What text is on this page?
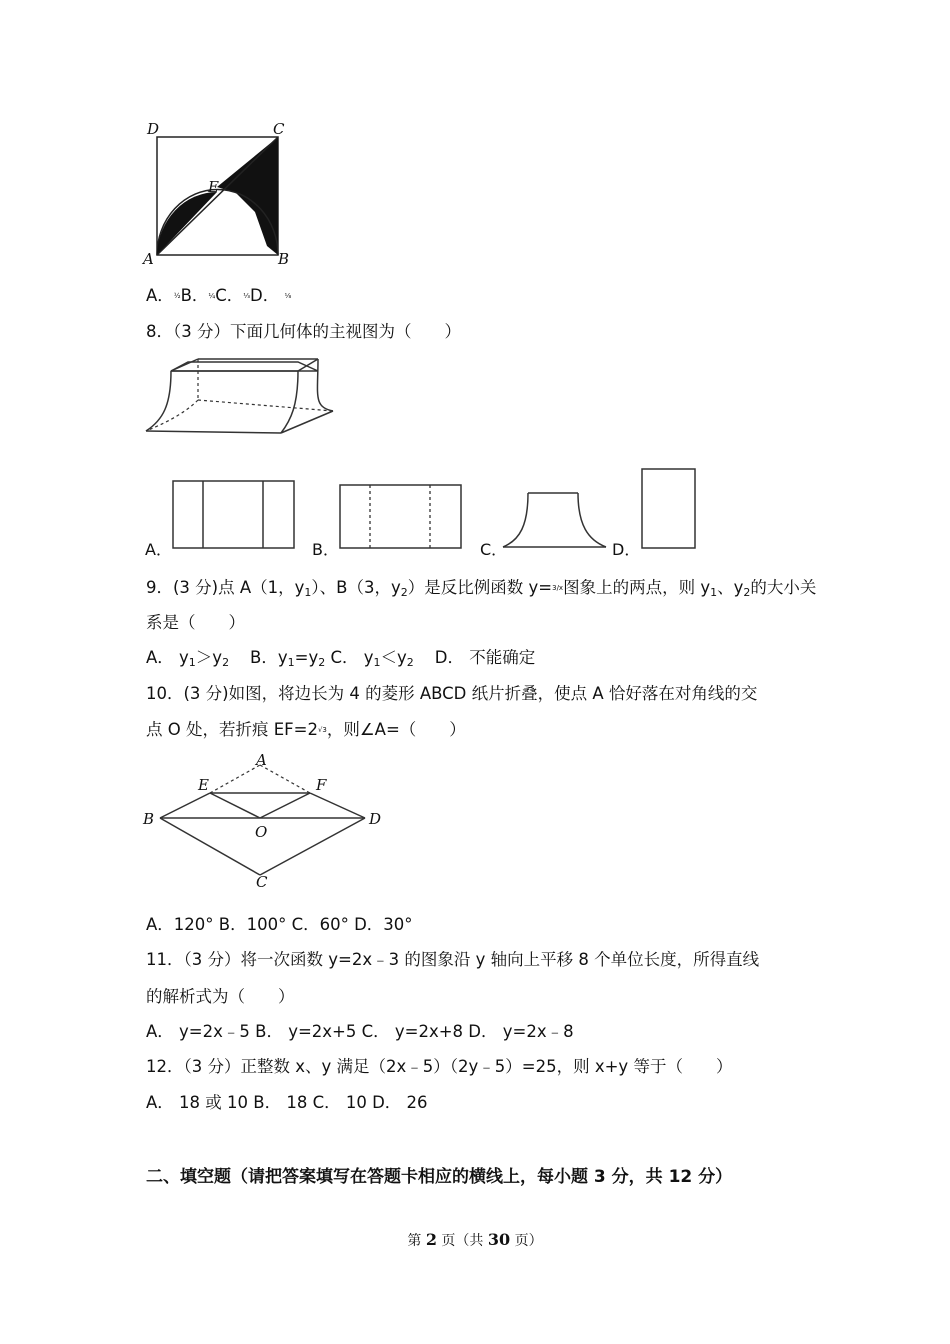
D	C
E
A	B
A．½B．¼C．⅓D． ⅛
8．（3 分）下面几何体的主视图为（　　）
A．	B．	C．	D．
9．(3 分)点 A（1，$y_1$）、B（3，$y_2$）是反比例函数 y=3/x图象上的两点，则 $y_1$、$y_2$的大小关
系是（　　）
A． $y_1>y_2$ B．$y_1=y_2$ C． $y_1<y_2$ D． 不能确定
10．(3 分)如图，将边长为 4 的菱形 ABCD 纸片折叠，使点 A 恰好落在对角线的交
点 O 处，若折痕 EF=2√3，则∠A=（　　）
A
E	F
B
O
D
C
A．120° B．100° C．60° D．30°
11．（3 分）将一次函数 y=2x﹣3 的图象沿 y 轴向上平移 8 个单位长度，所得直线
的解析式为（　　）
A． y=2x﹣5 B． y=2x+5 C． y=2x+8 D． y=2x﹣8
12．（3 分）正整数 x、y 满足（2x﹣5）（2y﹣5）=25，则 x+y 等于（　　）
A． 18 或 10 B． 18 C． 10 D． 26
二、填空题（请把答案填写在答题卡相应的横线上，每小题 3 分，共 12 分）
第 2 页（共 30 页）
